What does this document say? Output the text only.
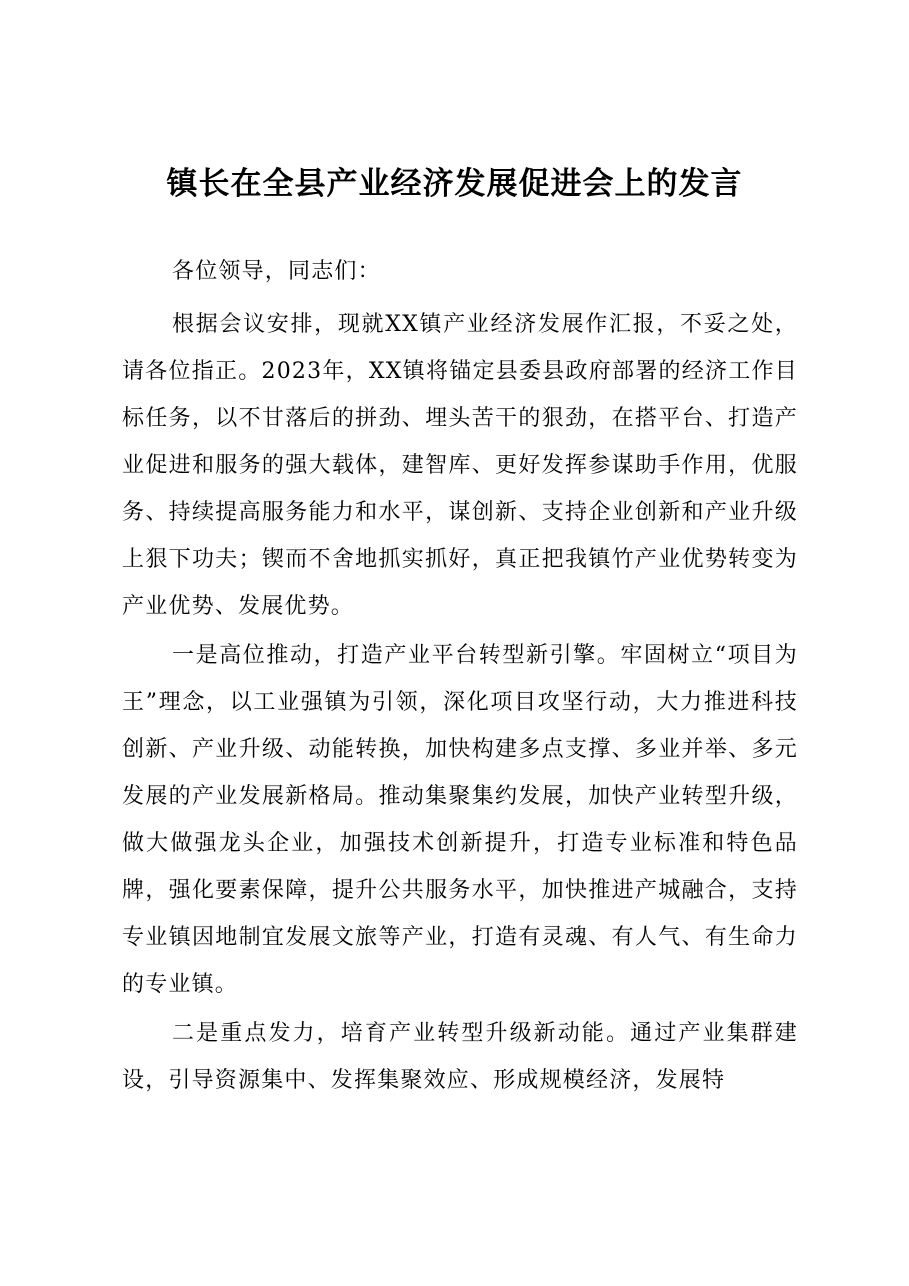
镇长在全县产业经济发展促进会上的发言

各位领导，同志们：

根据会议安排，现就XX镇产业经济发展作汇报，不妥之处，请各位指正。2023年，XX镇将锚定县委县政府部署的经济工作目标任务，以不甘落后的拼劲、埋头苦干的狠劲，在搭平台、打造产业促进和服务的强大载体，建智库、更好发挥参谋助手作用，优服务、持续提高服务能力和水平，谋创新、支持企业创新和产业升级上狠下功夫；锲而不舍地抓实抓好，真正把我镇竹产业优势转变为产业优势、发展优势。

一是高位推动，打造产业平台转型新引擎。牢固树立“项目为王”理念，以工业强镇为引领，深化项目攻坚行动，大力推进科技创新、产业升级、动能转换，加快构建多点支撑、多业并举、多元发展的产业发展新格局。推动集聚集约发展，加快产业转型升级，做大做强龙头企业，加强技术创新提升，打造专业标准和特色品牌，强化要素保障，提升公共服务水平，加快推进产城融合，支持专业镇因地制宜发展文旅等产业，打造有灵魂、有人气、有生命力的专业镇。

二是重点发力，培育产业转型升级新动能。通过产业集群建设，引导资源集中、发挥集聚效应、形成规模经济，发展特
